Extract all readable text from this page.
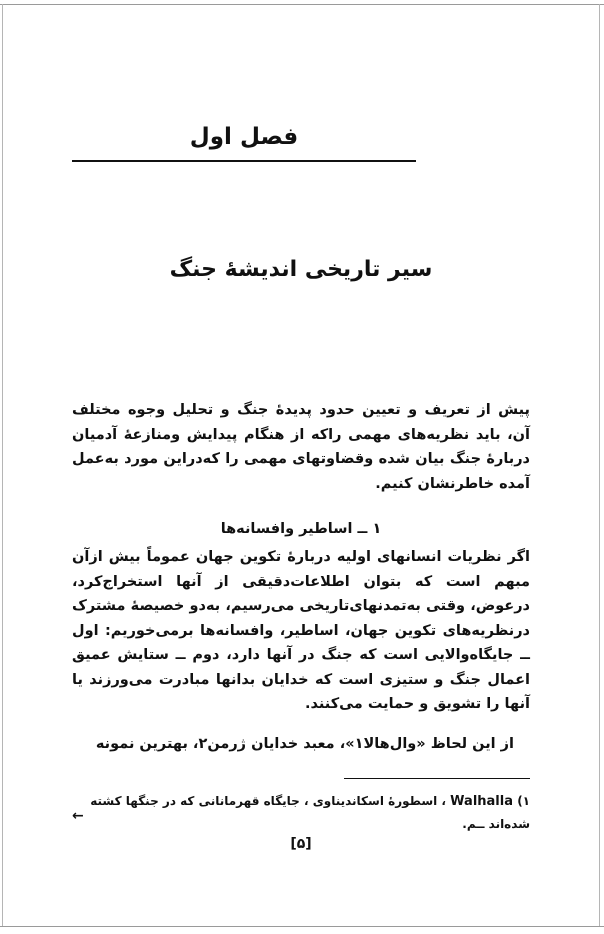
فصل اول
سیر تاریخی اندیشهٔ جنگ

پیش از تعریف و تعیین حدود پدیدهٔ جنگ و تحلیل وجوه مختلف آن، باید نظریه‌های مهمی راکه از هنگام پیدایش ومنازعهٔ آدمیان دربارهٔ جنگ بیان شده وقضاوتهای مهمی را که‌دراین مورد به‌عمل آمده خاطرنشان کنیم.

۱ ــ اساطیر وافسانه‌ها

اگر نظریات انسانهای اولیه دربارهٔ تکوین جهان عموماً بیش ازآن مبهم است که بتوان اطلاعات‌دقیقی از آنها استخراج‌کرد، درعوض، وقتی به‌تمدنهای‌تاریخی می‌رسیم، به‌دو خصیصهٔ مشترک درنظریه‌های تکوین جهان، اساطیر، وافسانه‌ها برمی‌خوریم: اول ــ جایگاه‌والایی است که جنگ در آنها دارد، دوم ــ ستایش عمیق اعمال جنگ و ستیزی است که خدایان بدانها مبادرت می‌ورزند یا آنها را تشویق و حمایت می‌کنند.

از این لحاظ «وال‌هالا۱»، معبد خدایان ژرمن۲، بهترین نمونه

۱) Walhalla ، اسطورهٔ اسکاندیناوی ، جایگاه قهرمانانی که در جنگها کشته شده‌اند ــم.
←
[۵]
